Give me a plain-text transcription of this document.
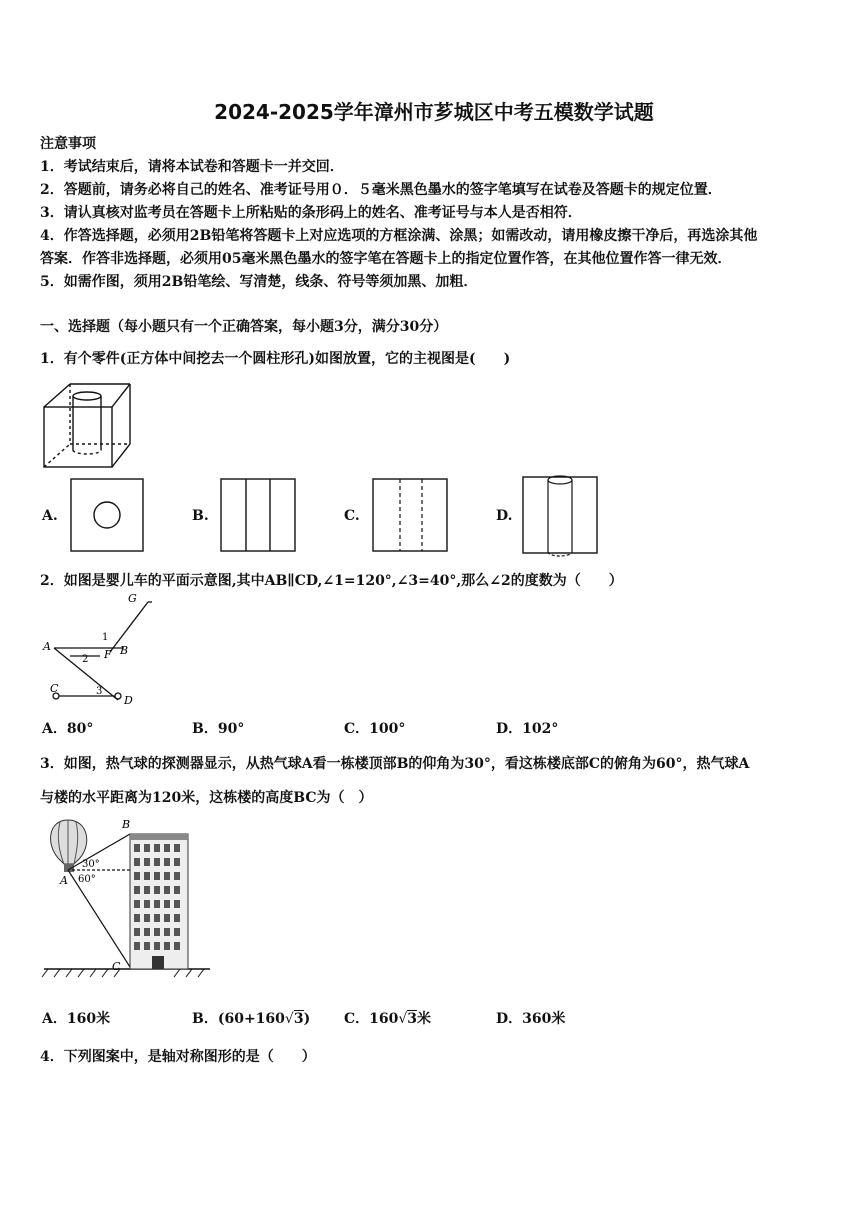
2024-2025学年漳州市芗城区中考五模数学试题
注意事项
1．考试结束后，请将本试卷和答题卡一并交回．
2．答题前，请务必将自己的姓名、准考证号用０．５毫米黑色墨水的签字笔填写在试卷及答题卡的规定位置．
3．请认真核对监考员在答题卡上所粘贴的条形码上的姓名、准考证号与本人是否相符．
4．作答选择题，必须用2B铅笔将答题卡上对应选项的方框涂满、涂黑；如需改动，请用橡皮擦干净后，再选涂其他
答案．作答非选择题，必须用05毫米黑色墨水的签字笔在答题卡上的指定位置作答，在其他位置作答一律无效．
5．如需作图，须用2B铅笔绘、写清楚，线条、符号等须加黑、加粗．
一、选择题（每小题只有一个正确答案，每小题3分，满分30分）
1．有个零件(正方体中间挖去一个圆柱形孔)如图放置，它的主视图是(　　)
A.	B.	C.	D.
2．如图是婴儿车的平面示意图,其中AB∥CD,∠1=120°,∠3=40°,那么∠2的度数为（　　）
G
A	B
F
C
D
1
2
3
A．80°	B．90°	C．100°	D．102°
3．如图，热气球的探测器显示，从热气球A看一栋楼顶部B的仰角为30°，看这栋楼底部C的俯角为60°，热气球A
与楼的水平距离为120米，这栋楼的高度BC为（　）
B
A
C
30°
60°
A．160米	B．(60+160√3) C．160√3米	D．360米
4．下列图案中，是轴对称图形的是（　　）
